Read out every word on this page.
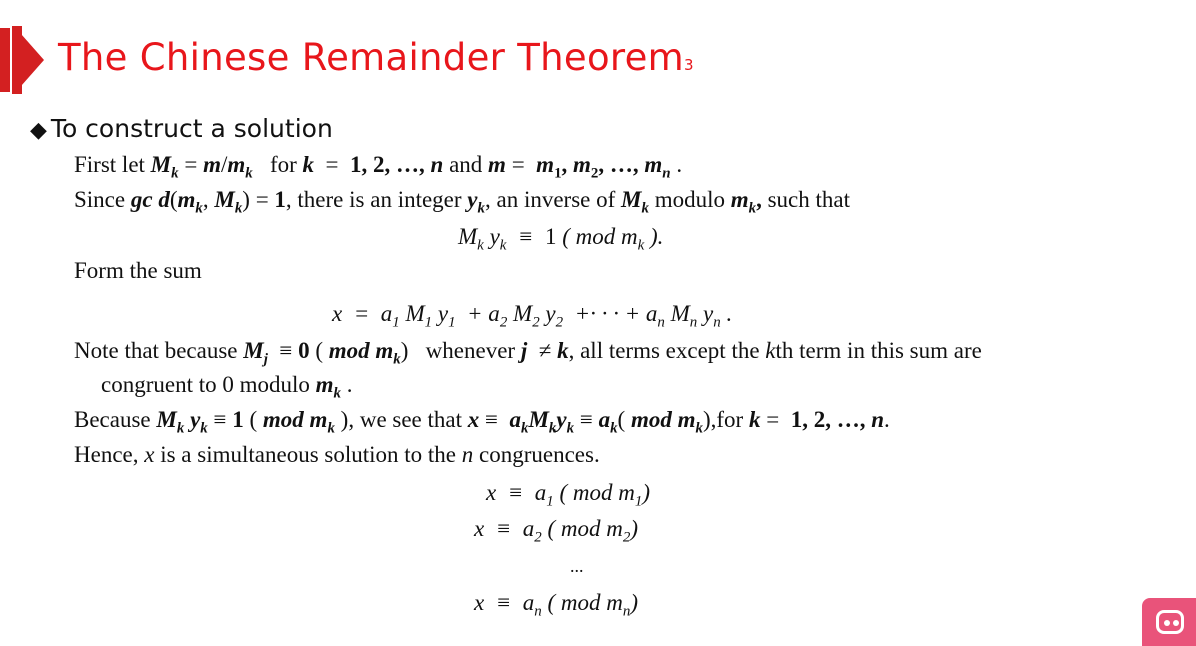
The Chinese Remainder Theorem3
◆ To construct a solution
First let $M_k = m/m_k$   for k  =  1, 2, …, n and $m = m_1$, $m_2$, …, $m_n$ .
Since gc $d(m_k$, $M_k) = 1$, there is an integer $y_k$, an inverse of $M_k$ modulo $m_k$, such that
$M_k$ $y_k \equiv 1$ ( mod $m_k$ ).
Form the sum
$x = a_1$ $M_1$ $y_1 + a_2$ $M_2$ $y_2$  +· · · + $a_n$ $M_n$ $y_n$ .
Note that because $M_j \equiv 0$ ( mod $m_k$)   whenever j  ≠ k, all terms except the kth term in this sum are
congruent to 0 modulo $m_k$ .
Because $M_k$ $y_k \equiv 1$ ( mod $m_k$ ), we see that $x \equiv a_kM_ky_k \equiv a_k$( mod $m_k),for$ k =  1, 2, …, n.
Hence, x is a simultaneous solution to the n congruences.
$x \equiv a_1$ ( mod $m_1$)
$x \equiv a_2$ ( mod $m_2$)
...
$x \equiv a_n$ ( mod $m_n$)
